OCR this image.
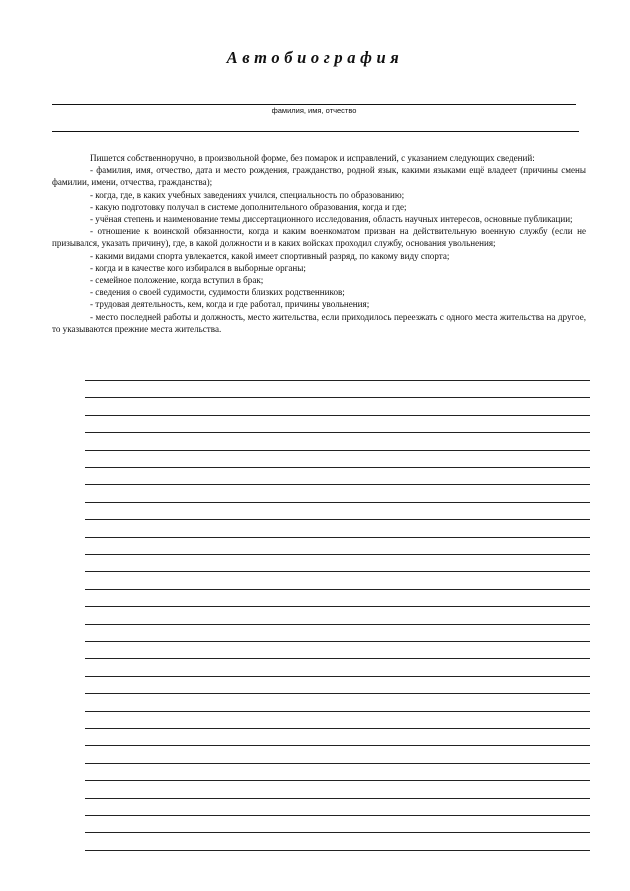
Автобиография
фамилия, имя, отчество

Пишется собственноручно, в произвольной форме, без помарок и исправлений, с указанием следующих сведений:

- фамилия, имя, отчество, дата и место рождения, гражданство, родной язык, какими языками ещё владеет (причины смены фамилии, имени, отчества, гражданства);

- когда, где, в каких учебных заведениях учился, специальность по образованию;

- какую подготовку получал в системе дополнительного образования, когда и где;

- учёная степень и наименование темы диссертационного исследования, область научных интересов, основные публикации;

- отношение к воинской обязанности, когда и каким военкоматом призван на действительную военную службу (если не призывался, указать причину), где, в какой должности и в каких войсках проходил службу, основания увольнения;

- какими видами спорта увлекается, какой имеет спортивный разряд, по какому виду спорта;

- когда и в качестве кого избирался в выборные органы;

- семейное положение, когда вступил в брак;

- сведения о своей судимости, судимости близких родственников;

- трудовая деятельность, кем, когда и где работал, причины увольнения;

- место последней работы и должность, место жительства, если приходилось переезжать с одного места жительства на другое, то указываются прежние места жительства.
